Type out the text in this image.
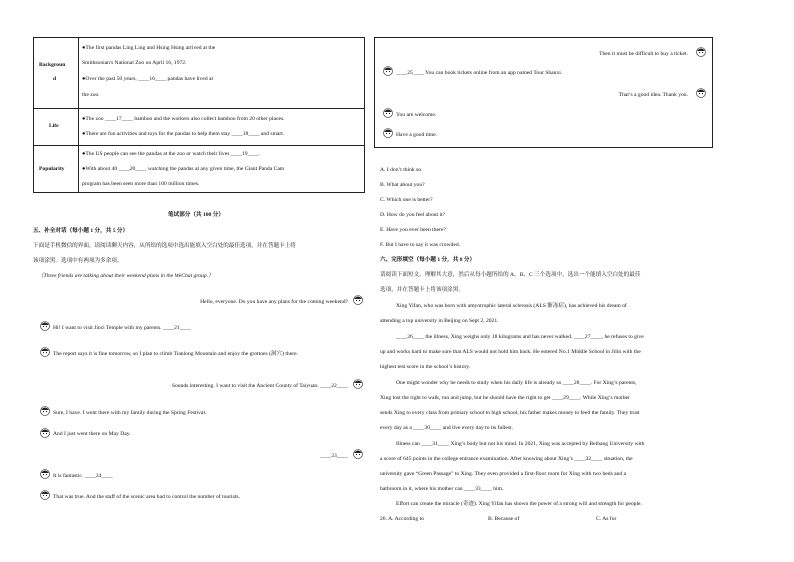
Backgroun
d
●The first pandas Ling Ling and Hsing Hsing arrived at the
Smithsonian's National Zoo on April 16, 1972.
●Over the past 50 years, ____16____ pandas have lived at
the zoo.
Life
●The zoo ____17____ bamboo and the workers also collect bamboo from 20 other places.
●There are fun activities and toys for the pandas to help them stay ____18____ and smart.
Popularity
●The US people can see the pandas at the zoo or watch their lives ____19____.
●With about 40 ____20____ watching the pandas at any given time, the Giant Panda Cam
program has been seen more than 100 million times.
笔试部分（共 100 分）
五、补全对话（每小题 1 分，共 5 分）
下面是手机微信的界面，请阅读聊天内容，从所给的选项中选出能填入空白处的最佳选项，并在答题卡上将
该项涂黑。选项中有两项为多余项。
（Three friends are talking about their weekend plans in the WeChat group.）
Hello, everyone. Do you have any plans for the coming weekend?
Hi! I want to visit Jinci Temple with my parents. ____21____
The report says it is fine tomorrow, so I plan to climb Tianlong Mountain and enjoy the grottoes (洞穴) there.
Sounds interesting. I want to visit the Ancient County of Taiyuan. ____22____
Sure, I have. I went there with my family during the Spring Festival.
And I just went there on May Day.
____23____
It is fantastic. ____24____
That was true. And the staff of the scenic area had to control the number of tourists.
Then it must be difficult to buy a ticket.
____25____ You can book tickets online from an app named Tour Shanxi.
That’s a good idea. Thank you.
You are welcome.
Have a good time.
A. I don’t think so.
B. What about you?
C. Which one is better?
D. How do you feel about it?
E. Have you ever been there?
F. But I have to say it was crowded.
六、完形填空（每小题 1 分，共 8 分）
请阅读下面短文，理解其大意，然后从每小题所给的 A、B、C 三个选项中，选出一个能填入空白处的最佳
选项，并在答题卡上将该项涂黑。
Xing Yifan, who was born with amyotrophic lateral sclerosis (ALS 渐冻症), has achieved his dream of
attending a top university in Beijing on Sept 2, 2021.
____26____ the illness, Xing weighs only 18 kilograms and has never walked. ____27____, he refuses to give
up and works hard to make sure that ALS would not hold him back. He entered No.1 Middle School in Jilin with the
highest test score in the school’s history.
One might wonder why he needs to study when his daily life is already so ____28____. For Xing’s parents,
Xing lost the right to walk, run and jump, but he should have the right to get ____29____. While Xing’s mother
sends Xing to every class from primary school to high school, his father makes money to feed the family. They trust
every day as a ____30____ and live every day to its fullest.
Illness can ____31____ Xing’s body but not his mind. In 2021, Xing was accepted by Beihang University with
a score of 645 points in the college entrance examination. After knowing about Xing’s ____32____ situation, the
university gave “Green Passage” to Xing. They even provided a first-floor room for Xing with two beds and a
bathroom in it, where his mother can ____33____ him.
Effort can create the miracle (奇迹). Xing Yifan has shown the power of a strong will and strength for people.
26. A. According to	B. Because of	C. As for
